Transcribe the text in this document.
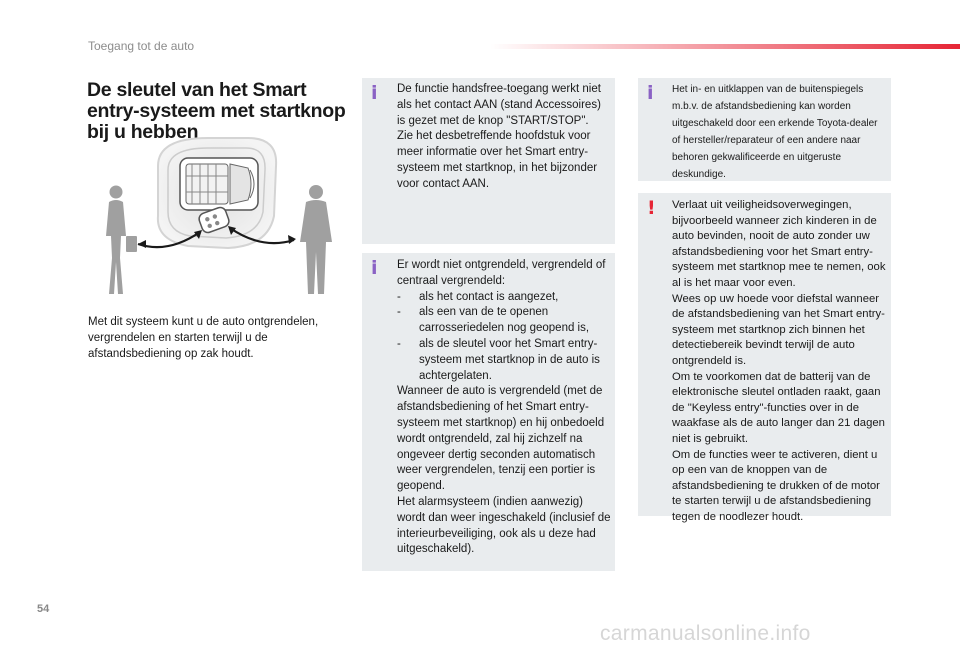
Toegang tot de auto
De sleutel van het Smart entry-systeem met startknop bij u hebben

Met dit systeem kunt u de auto ontgrendelen, vergrendelen en starten terwijl u de afstandsbediening op zak houdt.

i De functie handsfree-toegang werkt niet als het contact AAN (stand Accessoires) is gezet met de knop "START/STOP".

Zie het desbetreffende hoofdstuk voor meer informatie over het Smart entry-systeem met startknop, in het bijzonder voor contact AAN.

i Er wordt niet ontgrendeld, vergrendeld of centraal vergrendeld:

- als het contact is aangezet,
- als een van de te openen carrosseriedelen nog geopend is,
- als de sleutel voor het Smart entry-systeem met startknop in de auto is achtergelaten.

Wanneer de auto is vergrendeld (met de afstandsbediening of het Smart entry-systeem met startknop) en hij onbedoeld wordt ontgrendeld, zal hij zichzelf na ongeveer dertig seconden automatisch weer vergrendelen, tenzij een portier is geopend.

Het alarmsysteem (indien aanwezig) wordt dan weer ingeschakeld (inclusief de interieurbeveiliging, ook als u deze had uitgeschakeld).

i Het in- en uitklappen van de buitenspiegels m.b.v. de afstandsbediening kan worden uitgeschakeld door een erkende Toyota-dealer of hersteller/reparateur of een andere naar behoren gekwalificeerde en uitgeruste deskundige.

! Verlaat uit veiligheidsoverwegingen, bijvoorbeeld wanneer zich kinderen in de auto bevinden, nooit de auto zonder uw afstandsbediening voor het Smart entry-systeem met startknop mee te nemen, ook al is het maar voor even.

Wees op uw hoede voor diefstal wanneer de afstandsbediening van het Smart entry-systeem met startknop zich binnen het detectiebereik bevindt terwijl de auto ontgrendeld is.

Om te voorkomen dat de batterij van de elektronische sleutel ontladen raakt, gaan de "Keyless entry"-functies over in de waakfase als de auto langer dan 21 dagen niet is gebruikt.

Om de functies weer te activeren, dient u op een van de knoppen van de afstandsbediening te drukken of de motor te starten terwijl u de afstandsbediening tegen de noodlezer houdt.

54
carmanualsonline.info
